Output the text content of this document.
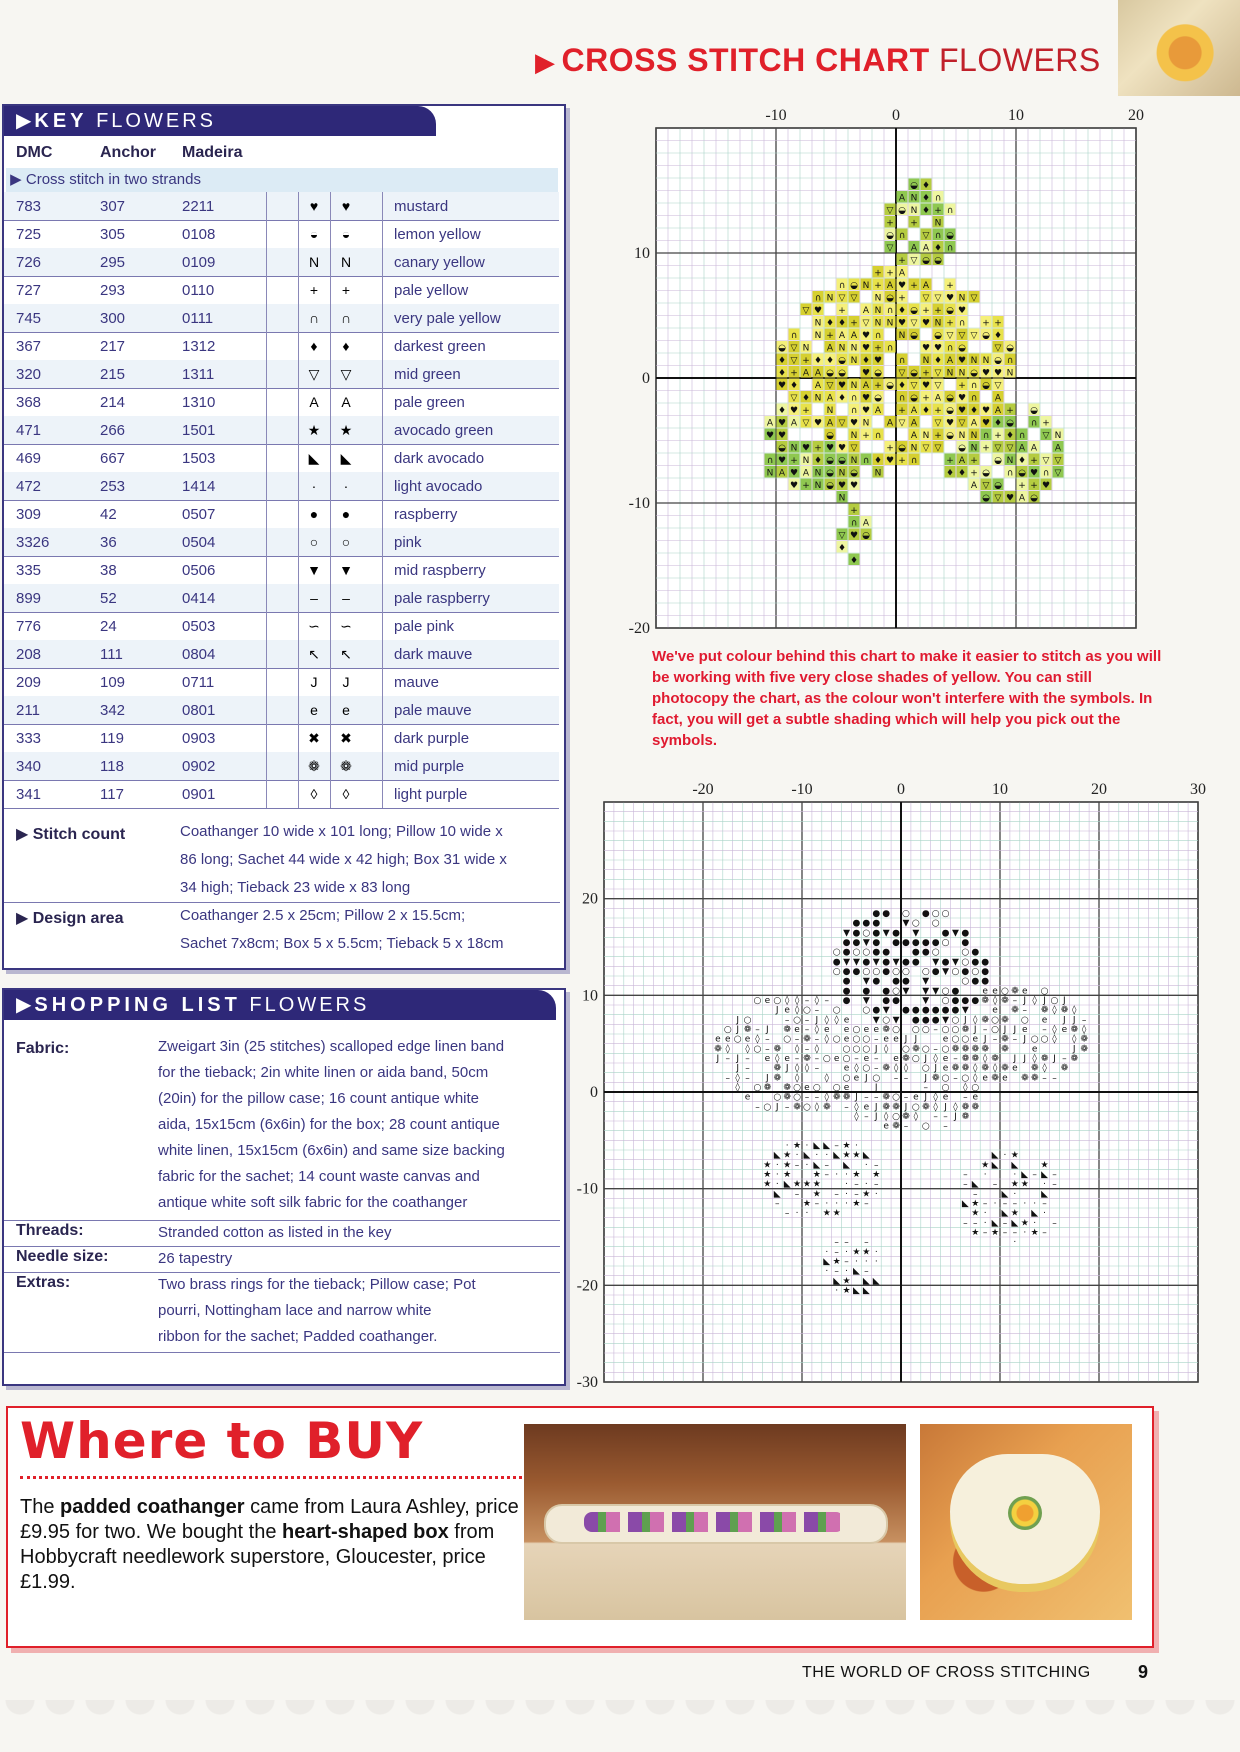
▶ CROSS STITCH CHART FLOWERS
▶KEY FLOWERS
DMC	Anchor Madeira
▶ Cross stitch in two strands
783	307	2211	♥	♥	mustard
725	305	0108	◒	◒	lemon yellow
726	295	0109	N	N	canary yellow
727	293	0110	+	+	pale yellow
745	300	0111	∩	∩	very pale yellow
367	217	1312	♦	♦	darkest green
320	215	1311	▽	▽	mid green
368	214	1310	A	A	pale green
471	266	1501	★	★	avocado green
469	667	1503	◣	◣	dark avocado
472	253	1414	·	·	light avocado
309	42	0507	●	●	raspberry
3326	36	0504	○	○	pink
335	38	0506	▼	▼	mid raspberry
899	52	0414	–	–	pale raspberry
776	24	0503	∽	∽	pale pink
208	111	0804	↖	↖	dark mauve
209	109	0711	J	J	mauve
211	342	0801	e	e	pale mauve
333	119	0903	✖	✖	dark purple
340	118	0902	❁	❁	mid purple
341	117	0901	◊	◊	light purple
▶ Stitch count	Coathanger 10 wide x 101 long; Pillow 10 wide x
86 long; Sachet 44 wide x 42 high; Box 31 wide x
34 high; Tieback 23 wide x 83 long
▶ Design area	Coathanger 2.5 x 25cm; Pillow 2 x 15.5cm;
Sachet 7x8cm; Box 5 x 5.5cm; Tieback 5 x 18cm
▶SHOPPING LIST FLOWERS
Fabric:	Zweigart 3in (25 stitches) scalloped edge linen band
for the tieback; 2in white linen or aida band, 50cm
(20in) for the pillow case; 16 count antique white
aida, 15x15cm (6x6in) for the box; 28 count antique
white linen, 15x15cm (6x6in) and same size backing
fabric for the sachet; 14 count waste canvas and
antique white soft silk fabric for the coathanger
Threads:	Stranded cotton as listed in the key
Needle size:	26 tapestry
Extras:	Two brass rings for the tieback; Pillow case; Pot
pourri, Nottingham lace and narrow white
ribbon for the sachet; Padded coathanger.
-10	0	10	20
10
0
-10
-20
N
∩
♥
A
A
♥
◒
♥
♥
♦
♥
♦
♦
◒
♥
♥
+
N
A
♥
▽
♦
+
▽
▽
∩
+
A
N
♥
▽
+
♦
A
+
N
▽
N
N
♦
+
♥
N
A
A
♦
N
N
♥
∩
◒
◒
◒
♥
◒
A
N
A
▽
◒
♦
A
+
♦
N
♦
▽
N
♥
N
◒
♥
▽
♦
♥
◒
◒
N
A
♦
+
▽
∩
♦
♥
∩
+
♥
◒
N
▽
N
♥
∩
∩
N
N
N
A
+
▽
◒
◒
A
∩
+
N
♥
♥
A
♥
♦
♥
♥
▽
A
N
N
♦
∩
A
◒
+
◒
♥
+
∩
N
N
N
+
+
♥
+
A
◒
∩
N
∩
◒
A
+
▽
◒
+
▽
+
◒
▽
+
∩
♦
▽
∩
N
♥
♦
+
♥
A
+
∩
◒
A
∩
N
A
A
A
◒
▽
◒
◒
▽
◒
+
▽
A
+
N
N
◒
▽
N
♦
+
♥
+
N
♥
♥
+
▽
A
◒
A
▽
♦
♦
♦
▽
+
▽
+
A
▽
▽
♦
♥
◒
N
+
▽
◒
♦
∩
N
+
∩
♦
+
◒
♥
◒
◒
N
A
∩
▽
+
◒
♥
+
∩
◒
∩
♦
A
◒
N
▽
♥
♥
+
N
♥
◒
▽
∩
♥
N
A
+
+
N
N
A
♦
∩
∩
◒
N
▽
▽
◒
▽
◒
+
∩
♥
♥
◒
♥
N
◒
+
▽
◒
◒
▽
+
♦
A
A
▽
♥
◒
▽
♦
+
♥
∩
N
▽
♦
◒
+
N
∩
◒
A
+
◒
♦
A
∩
◒
+
♥
+
A
∩
◒
♥
∩
▽
▽
+
▽
▽
A
N
We've put colour behind this chart to make it easier to stitch as you will be working with five very close shades of yellow. You can still photocopy the chart, as the colour won't interfere with the symbols. In fact, you will get a subtle shading which will help you pick out the symbols.
-20	-10	0	10	20	30
20
10
0
-10
-20
-30
J
❁
e
–
–
◊
e
○
◊
◊
J
J
○
J
J
e
–
–
–
◊
e
❁
○
–
○
○
◊
–
○
★
★
★
○
❁
J
e
–
–
J
e
–
◣
·
·
·
◣
J
○
❁
❁
◊
❁
J
○
–
◣
★
★
★
·
–
❁
❁
J
e
○
❁
–
e
◊
·
–
★
–
·
★
❁
○
○
◊
◊
–
◊
–
e
○
◊
◊
·
★
★
·
◣
·
○
–
e
◊
❁
–
❁
–
–
○
–
–
★
★
★
◣
·
◣
◊
–
○
–
–
◊
–
◊
J
–
◊
·
◣
·
★
·
–
–
·
◣
❁
◊
◊
○
◊
e
◊
–
·
◣
–
★
–
–
★
·
–
·
◣
–
❁
○
e
○
◊
○
○
●
○
★
★
·
–
·
–
·
·
·
·
◣
★
★
–
❁
e
○
e
○
○
e
e
e
●
●
●
●
▼
●
●
▼
◣
◣
·
★
★
–
–
★
★
·
◊
◊
J
e
◊
–
○
○
○
●
▼
○
●
●
●
◣
◣
–
·
★
–
–
★
·
·
◣
–
e
–
J
○
e
○
○
e
○
▼
●
▼
○
●
○
▼
○
●
◣
·
·
·
–
★
–
J
J
–
J
○
–
–
J
–
e
▼
●
●
○
▼
●
●
●
●
●
e
◊
❁
❁
❁
◊
e
❁
○
▼
●
●
●
●
●
▼
●
❁
○
❁
○
–
◊
e
e
○
▼
●
○
●
○
▼
●
●
–
❁
J
–
–
◊
❁
○
J
●
▼
●
○
●
●
▼
○
◊
○
e
○
❁
J
○
●
●
●
●
●
▼
○
○
❁
J
–
J
○
J
○
○
●
●
▼
▼
▼
○
●
●
●
–
◊
◊
❁
J
◊
–
–
●
●
▼
●
▼
○
●
○
○
–
–
J
e
○
○
e
e
○
e
○
▼
●
○
○
▼
●
○
●
○
J
◊
–
❁
–
❁
○
○
○
●
●
●
○
▼
▼
–
◣
–
–
❁
❁
–
◊
○
❁
❁
❁
○
❁
J
▼
●
○
●
○
○
●
●
★
–
★
★
–
◣
❁
e
○
◊
◊
❁
❁
e
J
◊
●
●
○
●
●
–
·
·
–
·
★
e
❁
◊
❁
J
–
❁
❁
e
●
●
●
★
◣
·
–
◣
◣
❁
◊
❁
–
○
○
e
◊
e
–
–
◣
–
◣
·
e
❁
❁
❁
J
❁
❁
○
·
–
◣
★
–
·
★
·
◣
★
e
J
–
J
❁
–
❁
·
★
·
★
◣
❁
J
J
e
○
–
J
e
★
·
◣
·
–
❁
❁
◊
e
○
◊
–
·
–
◣
·
◣
★
–
◊
❁
○
–
e
❁
J
○
–
–
–
–
J
◊
◊
◊
○
❁
–
e
J
❁
J
❁
J
◊
❁
J
◊
❁
❁
◊
–
Where to BUY
The padded coathanger came from Laura Ashley, price £9.95 for two. We bought the heart-shaped box from Hobbycraft needlework superstore, Gloucester, price £1.99.
THE WORLD OF CROSS STITCHING	9
